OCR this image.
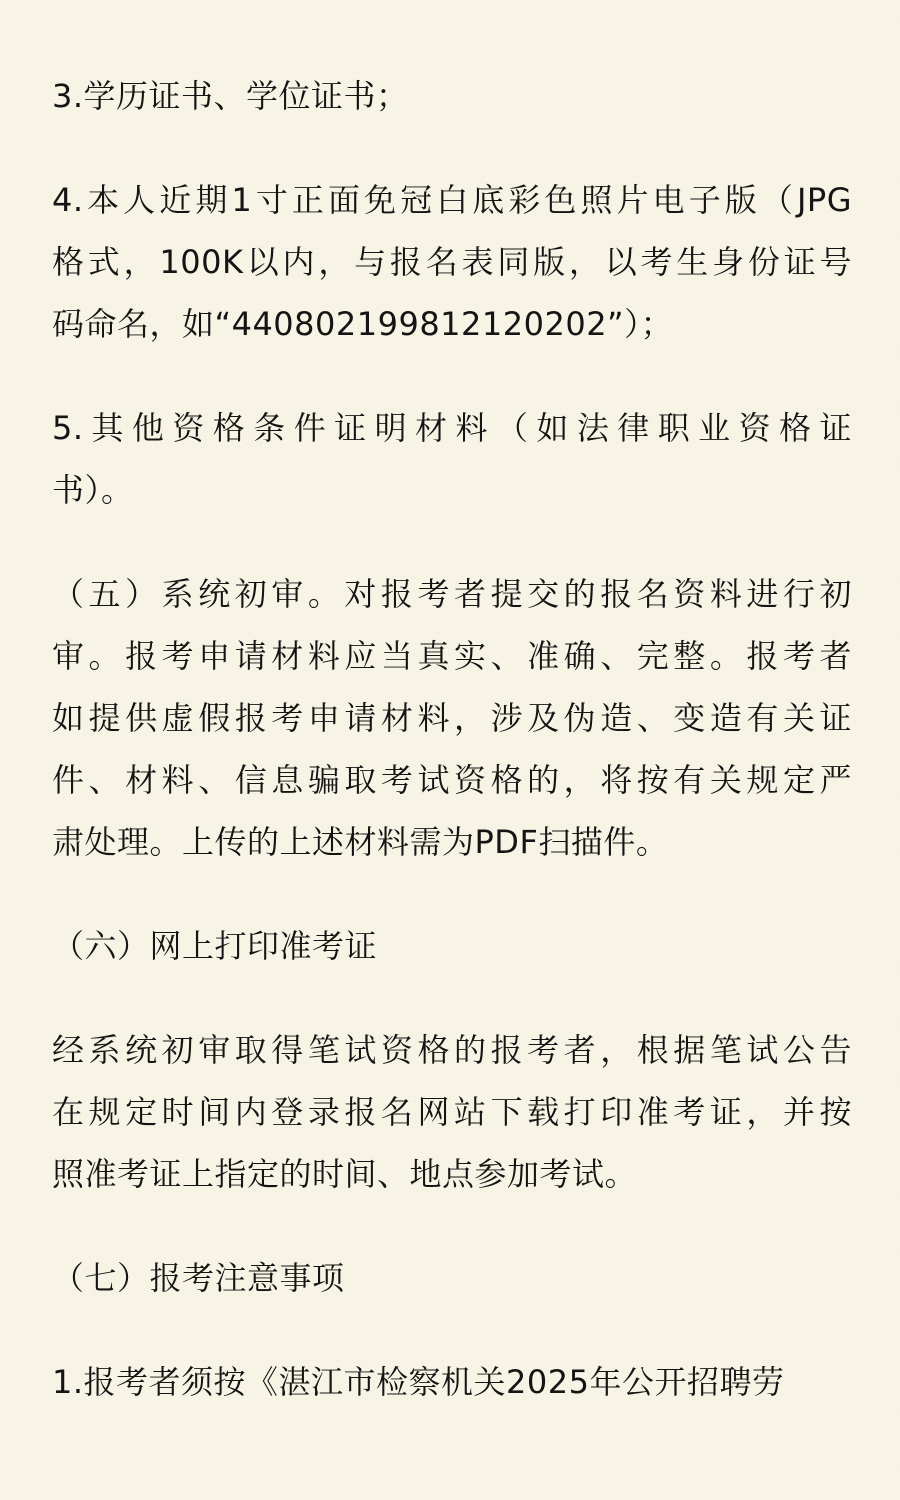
3.学历证书、学位证书；

4.本人近期1寸正面免冠白底彩色照片电子版（JPG

格式，100K以内，与报名表同版，以考生身份证号

码命名，如“440802199812120202”）；

5.其他资格条件证明材料（如法律职业资格证

书）。

（五）系统初审。对报考者提交的报名资料进行初

审。报考申请材料应当真实、准确、完整。报考者

如提供虚假报考申请材料，涉及伪造、变造有关证

件、材料、信息骗取考试资格的，将按有关规定严

肃处理。上传的上述材料需为PDF扫描件。

（六）网上打印准考证

经系统初审取得笔试资格的报考者，根据笔试公告

在规定时间内登录报名网站下载打印准考证，并按

照准考证上指定的时间、地点参加考试。

（七）报考注意事项

1.报考者须按《湛江市检察机关2025年公开招聘劳
